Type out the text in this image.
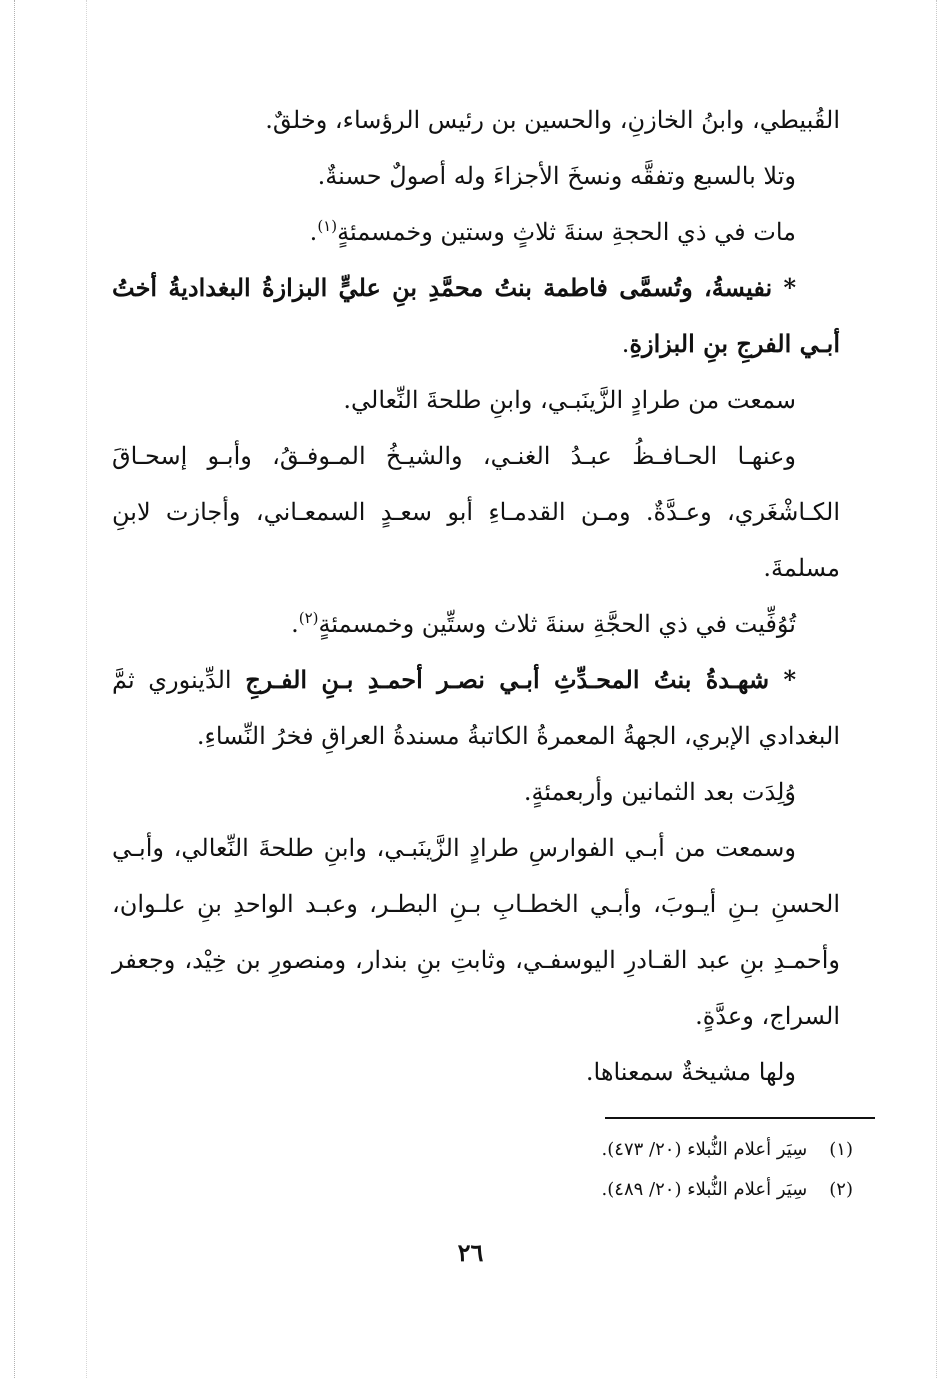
القُبيطي، وابنُ الخازنِ، والحسين بن رئيس الرؤساء، وخلقٌ.

وتلا بالسبع وتفقَّه ونسخَ الأجزاءَ وله أصولٌ حسنةٌ.

مات في ذي الحجةِ سنةَ ثلاثٍ وستين وخمسمئةٍ$^{(١)}$.

* نفيسةُ، وتُسمَّى فاطمة بنتُ محمَّدِ بنِ عليٍّ البزازةُ البغداديةُ أختُ أبـي الفرجِ بنِ البزازةِ.

سمعت من طرادٍ الزَّينَبـي، وابنِ طلحةَ النِّعالي.

وعنهـا الحـافـظُ عبـدُ الغنـي، والشيـخُ المـوفـقُ، وأبـو إسحـاقَ الكـاشْغَري، وعـدَّةٌ. ومـن القدمـاءِ أبو سعـدٍ السمعـاني، وأجازت لابنِ مسلمةَ.

تُوُفِّيت في ذي الحجَّةِ سنةَ ثلاث وستِّين وخمسمئةٍ$^{(٢)}$.

* شهـدةُ بنتُ المحـدِّثِ أبـي نصـر أحمـدِ بـنِ الفـرجِ الدِّينوري ثمَّ البغدادي الإبري، الجهةُ المعمرةُ الكاتبةُ مسندةُ العراقِ فخرُ النِّساءِ.

وُلِدَت بعد الثمانين وأربعمئةٍ.

وسمعت من أبـي الفوارسِ طرادٍ الزَّينَبـي، وابنِ طلحةَ النِّعالي، وأبـي الحسنِ بـنِ أيـوبَ، وأبـي الخطـابِ بـنِ البطـر، وعبـد الواحدِ بنِ علـوان، وأحمـدِ بنِ عبد القـادرِ اليوسفـي، وثابتِ بنِ بندار، ومنصورِ بن خِيْد، وجعفر السراج، وعدَّةٍ.

ولها مشيخةٌ سمعناها.

(١) سِيَر أعلام النُّبلاء (٢٠/ ٤٧٣).
(٢) سِيَر أعلام النُّبلاء (٢٠/ ٤٨٩).
٢٦
